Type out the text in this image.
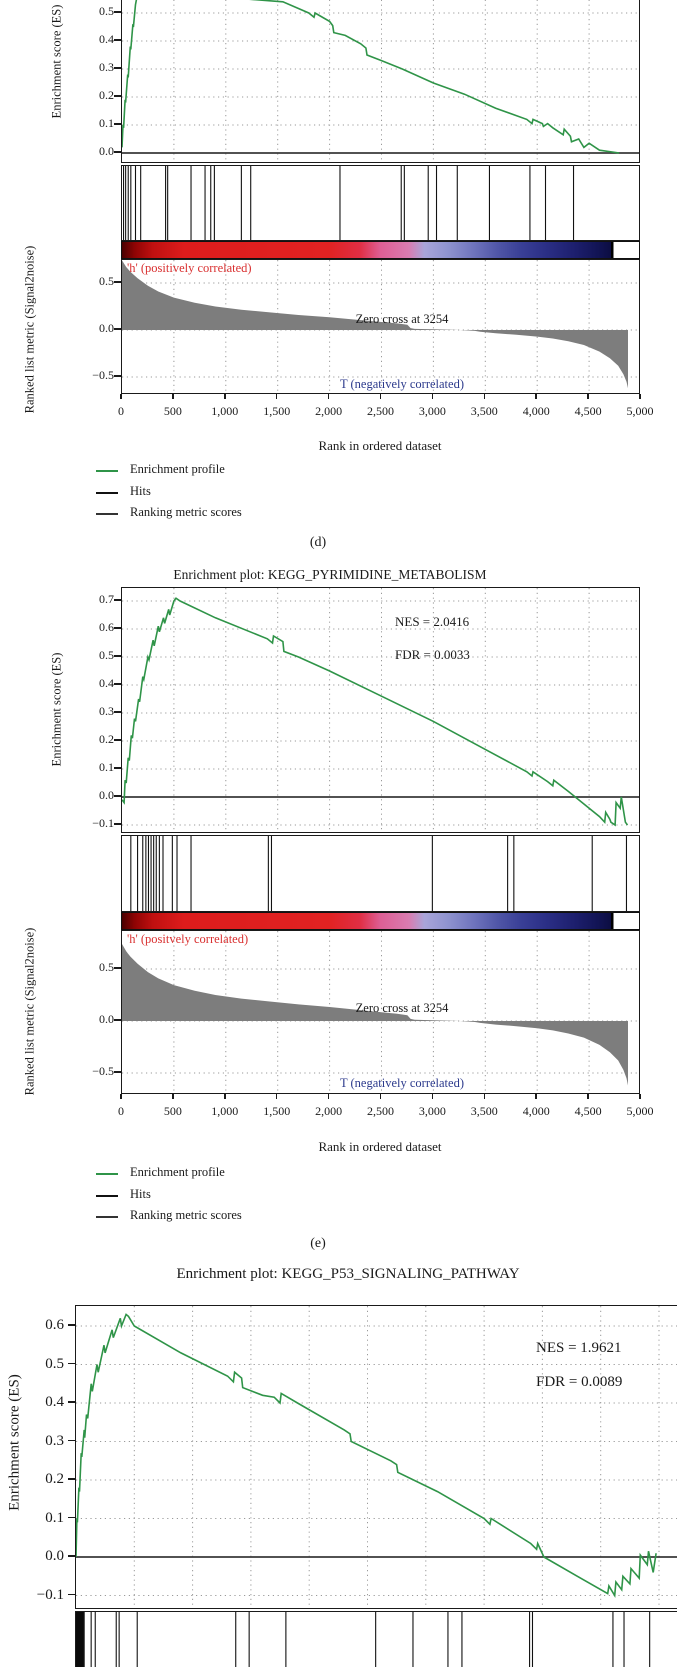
Enrichment score (ES)
Ranked list metric (Signal2noise)	'h' (positively correlated)
Zero cross at 3254
T (negatively correlated)
Rank in ordered dataset
Enrichment profile
Hits
Ranking metric scores
(d)
Enrichment plot: KEGG_PYRIMIDINE_METABOLISM
NES = 2.0416
FDR = 0.0033
Enrichment score (ES)
Ranked list metric (Signal2noise)	'h' (positvely correlated)
Zero cross at 3254
T (negatively correlated)
Rank in ordered dataset
Enrichment profile
Hits
Ranking metric scores
(e)
Enrichment plot: KEGG_P53_SIGNALING_PATHWAY
NES = 1.9621
FDR = 0.0089
Enrichment score (ES)
0.5
0.4
0.3
0.2
0.1
0.0
0.5
0.0
−0.5
0	500	1,000	1,500	2,000	2,500	3,000	3,500	4,000	4,500	5,000
0.7
0.6
0.5
0.4
0.3
0.2
0.1
0.0
−0.1
0.5
0.0
−0.5
0	500	1,000	1,500	2,000	2,500	3,000	3,500	4,000	4,500	5,000
0.6
0.5
0.4
0.3
0.2
0.1
0.0
−0.1
